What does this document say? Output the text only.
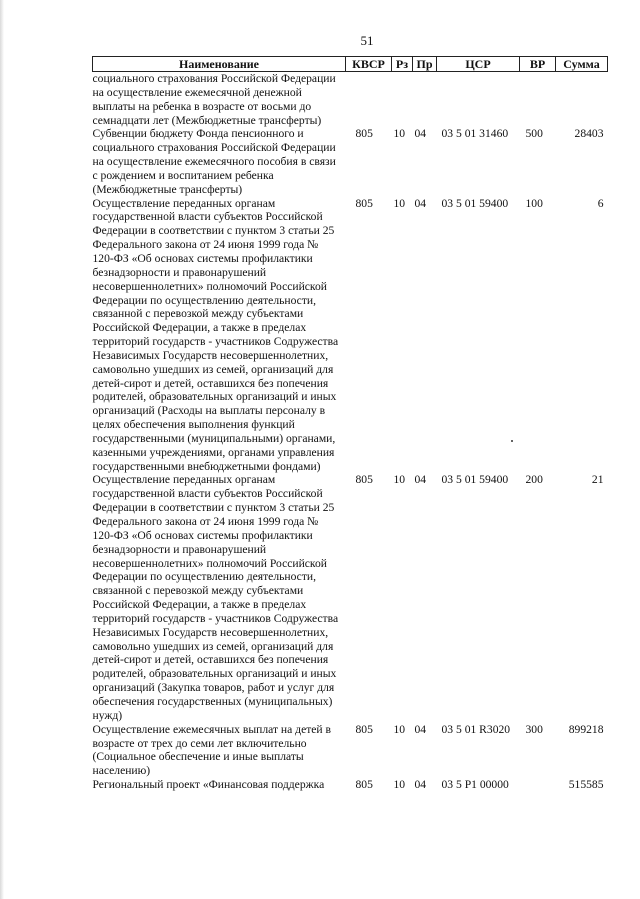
51
Наименование	КВСР	Рз	Пр	ЦСР	ВР	Сумма
социального страхования Российской Федерации на осуществление ежемесячной денежной выплаты на ребенка в возрасте от восьми до семнадцати лет (Межбюджетные трансферты)						
Субвенции бюджету Фонда пенсионного и социального страхования Российской Федерации на осуществление ежемесячного пособия в связи с рождением и воспитанием ребенка (Межбюджетные трансферты)	805	10	04	03 5 01 31460	500	28403
Осуществление переданных органам государственной власти субъектов Российской Федерации в соответствии с пунктом 3 статьи 25 Федерального закона от 24 июня 1999 года № 120-ФЗ «Об основах системы профилактики безнадзорности и правонарушений несовершеннолетних» полномочий Российской Федерации по осуществлению деятельности, связанной с перевозкой между субъектами Российской Федерации, а также в пределах территорий государств - участников Содружества Независимых Государств несовершеннолетних, самовольно ушедших из семей, организаций для детей-сирот и детей, оставшихся без попечения родителей, образовательных организаций и иных организаций (Расходы на выплаты персоналу в целях обеспечения выполнения функций государственными (муниципальными) органами, казенными учреждениями, органами управления государственными внебюджетными фондами)	805	10	04	03 5 01 59400	100	6
Осуществление переданных органам государственной власти субъектов Российской Федерации в соответствии с пунктом 3 статьи 25 Федерального закона от 24 июня 1999 года № 120-ФЗ «Об основах системы профилактики безнадзорности и правонарушений несовершеннолетних» полномочий Российской Федерации по осуществлению деятельности, связанной с перевозкой между субъектами Российской Федерации, а также в пределах территорий государств - участников Содружества Независимых Государств несовершеннолетних, самовольно ушедших из семей, организаций для детей-сирот и детей, оставшихся без попечения родителей, образовательных организаций и иных организаций (Закупка товаров, работ и услуг для обеспечения государственных (муниципальных) нужд)	805	10	04	03 5 01 59400	200	21
Осуществление ежемесячных выплат на детей в возрасте от трех до семи лет включительно (Социальное обеспечение и иные выплаты населению)	805	10	04	03 5 01 R3020	300	899218
Региональный проект «Финансовая поддержка	805	10	04	03 5 P1 00000		515585
